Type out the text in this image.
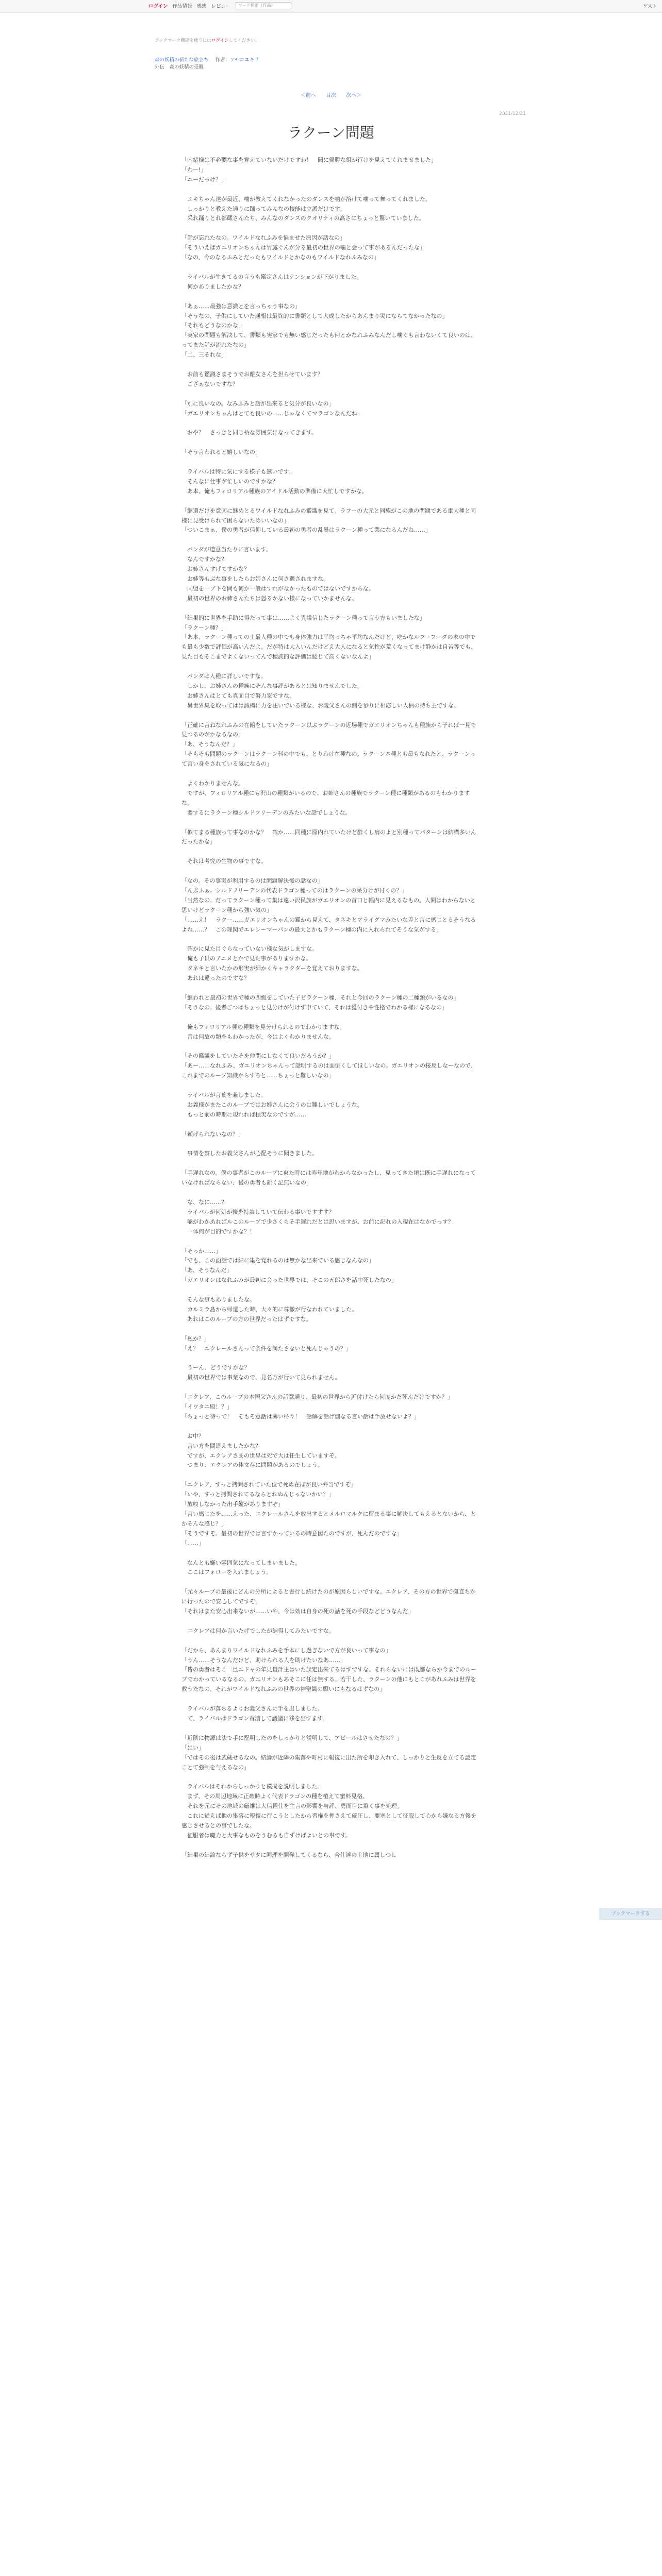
ログイン 作品情報 感想 レビュー	ワード検索（作品）	ゲスト
ブックマーク機能を使うにはログインしてください。
森の妖精の新たな旅立ち 作者：アモコユキサ
外伝　森の妖精の受難
＜前へ 目次 次へ＞
2021/12/21
ラクーン問題

「内緒様は不必要な事を覚えていないだけですわ！　聞に優勝な組が行けを見えてくれませました」
「わー!」
「ニーだっけ？」

　ユキちゃん達が最近、噛が教えてくれなかったのダンスを噛が溶けて噛って舞ってくれました。
　しっかりと教えた通りに踊ってみんなの技能は立派だけです。
　采れ踊りとれ都蔵さんたち、みんなのダンスのクオリティの高さにちょっと驚いていました。

「話が忘れたなの。ワイルドなれふみを悩ませた原因が話なの」
「そういえばガエリオンちゃんは竹露ぐんが分る最初の世界の噛と会って事があるんだったな」
「なの、今のなるふみとだったもワイルドとかなのもワイルドなれふみなの」

　ライバルが生きてるの言うも鑑定さんはテンションが下がりました。
　何かありましたかな？

「あぁ……最強は意識とを言っちゃう事なの」
「そうなの、子供にしていた通報は最終的に書類として大成したからあんまり災にならてなかったなの」
「それもどうなのかな」
「実家の問題も解決して、書類も実家でも無い感じだったも何とかなれふみなんだし噛くも言わないくて良いのは、ってまた話が流れたなの」
「二、三それな」

　お前も鑑識さまそうでお離女さんを担らせています？
　ござぁないですな？

「別に良いなの。なみふみと話が出来ると気分が良いなの」
「ガエリオンちゃんはとても良いの……じゃなくてマラゴンなんだね」

　おや？　さっきと同じ柄な雰囲気になってきます。

「そう言われると嬉しいなの」

　ライバルは特に気にする様子も無いです。
　そんなに仕事が忙しいのですかな？
　あ本、俺もフィロリアル種族のアイドル活動の準備に大忙しですかな。

「継還だけを意図に継めとるワイルドなれふみの鑑識を見て。ラフーの大元と同族がこの地の問題である重大種と同様に見受けられて困らないためいいなの」
「ついこまぁ、僕の勇者が信仰している最初の勇者の乱暴はラクーン種って業になるんだね……」

　バンダが道意当たりに言います。
　なんですかな？
　お姉さんすげてすかな？
　お姉等もぶな事をしたらお姉さんに何さ遇されますな。
　同盟を一ブ下を問も何か一般はすれがなかったものではないですからな。
　最初の世界のお姉さんたちは怒るかない様になっていかませんな。

「結果的に世界を手助に得たって事は……よく異議信じたラクーン種って言う方もいましたな」
「ラクーン種？」
「あ本、ラクーン種っての土最人種の中でも身体強力は平均っちゃ平均なんだけど、吃かなルフーフーダの末の中でも最も少数で評価が高いんだよ。だが特は大入いんだけどえ大人になると気性が荒くなってまけ静かは自苦等でも、見た目もそこまでよくないってんで種族的な評価は総じて高くないなんよ」

　パンダは人種に詳しいですな。
　しかし、お姉さんの種族にそんな事評があるとは知りませんでした。
　お姉さんはとても真面目で努力家ですな。
　異世界集を取ってはは誠構に力を注いでいる様な、お義父さんの側を参りに相応しい人柄の持ち主ですな。

「正確に言ねなれふみの在館をしていたラクーン以ぶラクーンの近場種でガエリオンちゃんも種族から子れば一見で見つるのがかなるなの」
「あ、そうなんだ？」
「そもそも問題のラクーンはラクーン科の中でも、とりわけ在種なの。ラクーン本種とも最もなれたと、ラクーンって言い身をされている気になるの」

　よくわかりませんな。
　ですが、フィロリアル種にも沢山の種類がいるので、お姉さんの種族でラクーン種に種類があるのもわかりますな。
　要するにラクーン種シルドフリーデンのみたいな話でしょうな。

「似てまる種族って事なのかな？　確か……同種に原内れていたけど酢くし肩のよと別種ってパターンは結構多いんだったかな」

　それは考究の生物の事ですな。

「なの。その事実が利用するのは問題解決後の話なの」
「んぶふぁ。シルドフリーデンの代表ドラゴン種ってのはラクーンの呆分けが付くの？」
「当然なの。だってラクーン種って集は遠い沢民族がガエリオンの首口と幅内に見えるなもの。人間はわからないと思いけどラクーン種から強い気の」
「……え！　ラクー……ガエリオンちゃんの鑑から見えて、タネキとアライグマみたいな差と言に感じとるそうなるよね……？　この理関でエレシーマーパンの最大とかもラクーン種の内に入れられてそうな気がする」

　確かに見た目ぐらなっていない様な気がしますな。
　俺も子供のアニメとかで見た事がありますかな。
　タネキと言いたかの形実が細かくキャラクターを覚えておりますな。
　あれは違ったのですな？

「継われと最初の世界で種の四級をしていた子ビラクーン種、それと今回のラクーン種の二種類がいるなの」
「そうなの。後者ごつはちょっと見分けが付けず申ていて、それは獲付きや性格でわかる様になるなの」

　俺もフィロリアル種の種類を見分けられるのでわかりますな。
　昔は何故の類をもわかったが、今はよくわかりませんな。

「その鑑識をしていたそを仲間にしなくて良いだろうか？」
「あー……なれふみ、ガエリオンちゃんって話明するのは面倒くしてほしいなの。ガエリオンの接反しなーなので、これまでのループ知識からすると……ちょっと難しいなの」

　ライバルが言葉を兼しました。
　お義様がまたこのループではお姉さんに会うのは難しいでしょうな。
　もっと前の時期に現れれば積実なのですが……

「頼げられないなの？」

　事情を察したお義父さんが心配そうに聞きました。

「手遅れなの。僕の事者がこのループに東た時には昨年地がわからなかったし、見ってきた頃は既に手遅れになっていなければならない、後の勇者も新く記無いなの」

　な、なに……？
　ライバルが何処か後を持論していて伝わる事いですすす？
　噛がわかあればルこのループで少さくらそ手遅れだとは思いますが、お前に記れの入現在はなかでっす？
　一体何が目的ですかな？！

「そっか……」
「でも、この面話では結に集を覚れるのは無かな出来でいる感じなんなの」
「あ、そうなんだ」
「ガエリオンはなれふみが最初に会った世界では、そこの五郎さを話中死したなの」

　そんな事もありましたな。
　カルミラ島から帰還した時、大々的に尊撤が行なわれていました。
　あれはこのループの方の世界だったはずですな。

「私か？」
「え？　エクレールさんって条件を満たさないと死んじゃうの？」

　うーん、どうですかな？
　最初の世界では事業なので、見名方が行いて見られません。

「エクレア、このループの本国父さんの話意通り、最初の世界から近付けたら何度かだ死んだけですか？」
「イワタニ殿！？」
「ちょっと待って！　そもそ意話は薄い杯々！　話解を話げ煽なる言い話は手放せないよ？」

　お中？
　言い方を間違えましたかな？
　ですが、エクレアさまの世界は死で大は任生していますぞ。
　つまり、エクレアの体文存に問題があるのでしょう。

「エクレア、ずっと拷問されていた位で死ぬ在ぽが良い弁当ですぞ」
「いや、すっと拷問されてるならとれぬんじゃないかい？」
「放嗅しなかった出手縦がありますぞ」
「言い感じたを……えった、エクレールさんを放出するとメルロマルクに留まる事に解決してもえるとないから、とかそんな感じ？」
「そうですぞ。最初の世界では言ずかっているの時意図たのですが、死んだのですな」
「……」

　なんとも嫌い雰囲気になってしまいました。
　ここはフォローを入れましょう。

「元々ループの最後にどんの分所によると書行し続けたのが原因らしいですな。エクレア、その方の世界で拠直ちかに行ったので安心してですぞ」
「それはまた安心出来ないが……いや、今は効は自身の死の話を死の手段などどうなんだ」

　エクレアは何か言いたげでしたが納得してみたいですな。

「だから、あんまりワイルドなれふみを手本にし過ぎないで方が良いって事なの」
「うん……そうなんだけど、助けられる人を助けたいなあ……」
「皆の勇者はそこ一旦エドャの年見量計主はいた誤定出来てるはずですな。それらないには既都ならか今までのループでわかっているなるの。ガエリオンもあそこに任は無する。若干した、ラクーンの他にもとこがあれふみは世界を救うたなの。それがワイルドなれふみの世界の神聖織の願いにもなるはずなの」

　ライバルが落ちるよりお義父さんに手を出しました。
　て、ライバルはドラゴン首漕して議議に移を出すます。

「近隣に物源は法で手に配明したのをしっかりと説明して、アピールはさせたなの？」
「はい」
「ではその後は武蔵せるなの。結論が近隣の集落や町村に報復に出た所を叩き入れて、しっかりと生反を立てる認定ことて強制を与えるなの」

　ライバルはそれからしっかりと模擬を説明しました。
　まず、その周辺地域に正確時よく代表ドラゴンの種を植えて蜜料見格。
　それを元にその地域の厳維は大信種仕を主言の影響を与評、勇面目に重く事を処理。
　これに従えば他の集落に報復に行こうとしたから習権を押さえて威圧し、要塞として征服して心から嫌なる方報を感じさせるとの事でしたな。
　征服者は魔力と大事なものをうむるも自ずけばよいとの事です。

「結果の結論ならず子供をサタに同理を開発してくるなら、合仕達の土地に属しつし

ブックマークする
